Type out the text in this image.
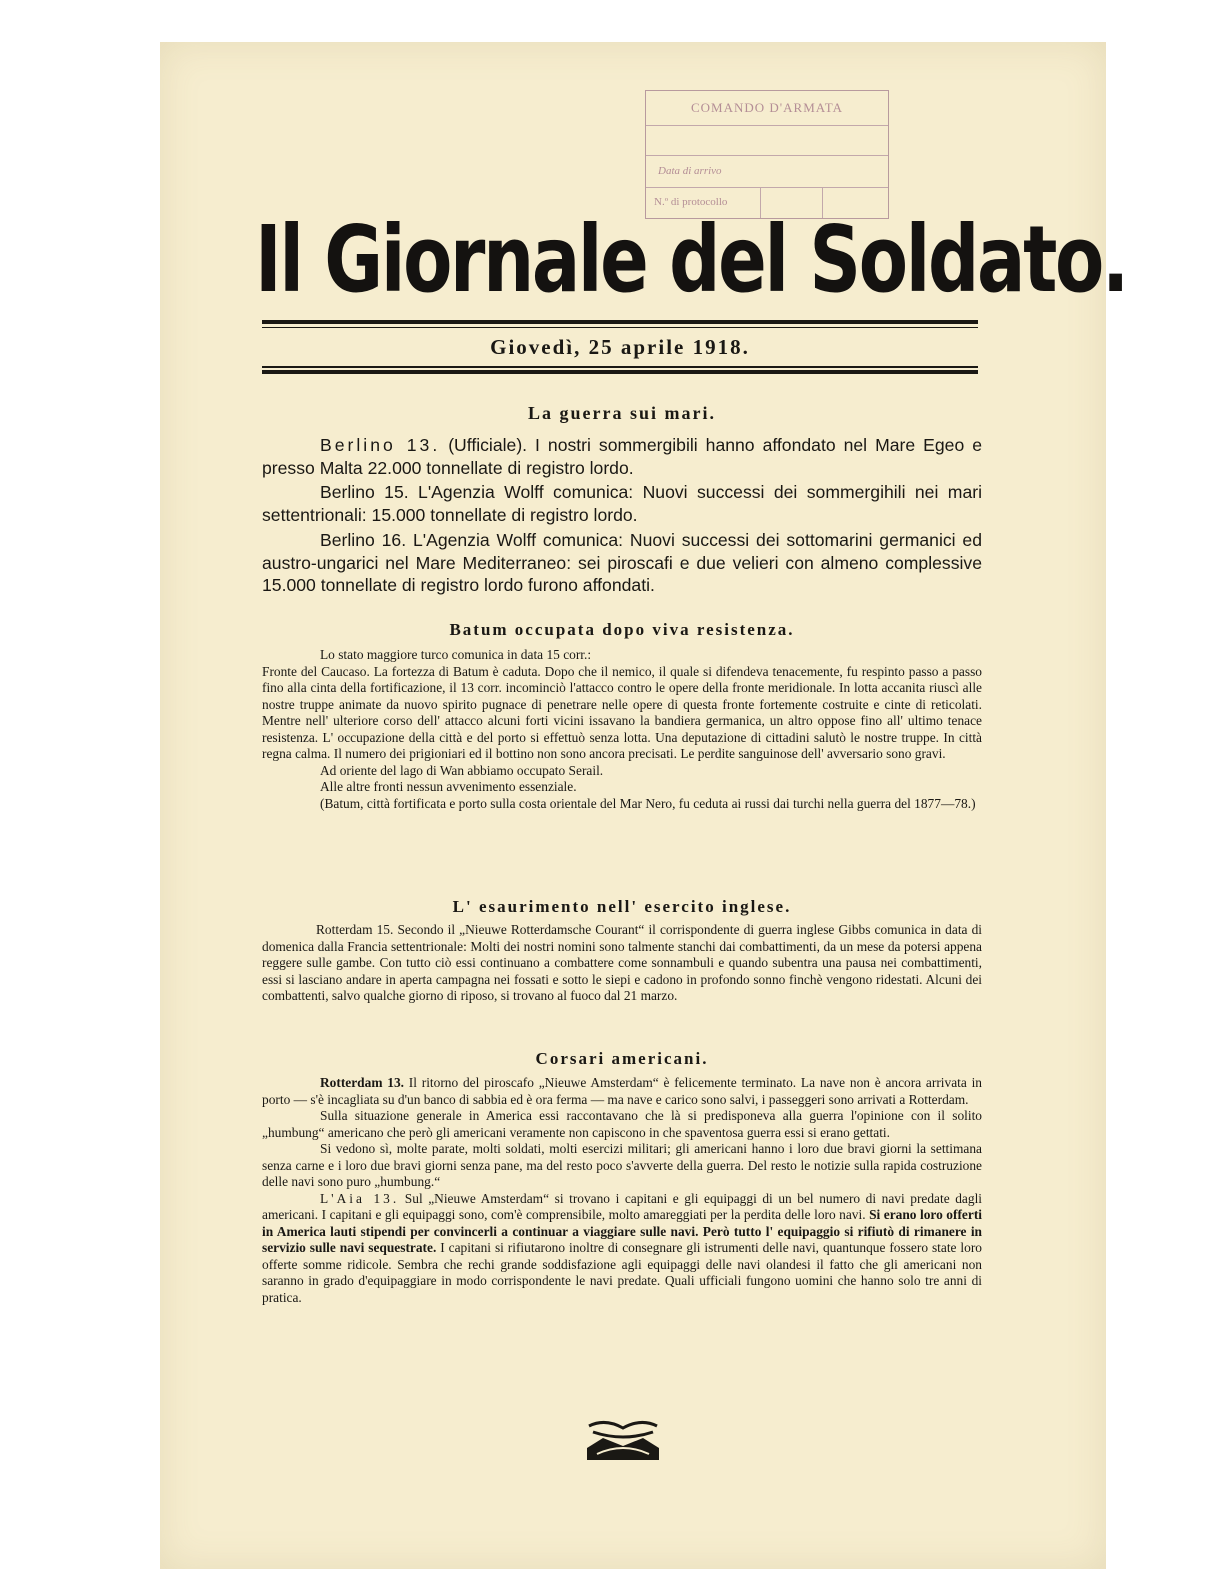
COMANDO D'ARMATA
Data di arrivo
N.º di protocollo
Il Giornale del Soldato.
Giovedì, 25 aprile 1918.
La guerra sui mari.

Berlino 13. (Ufficiale). I nostri sommergibili hanno affondato nel Mare Egeo e presso Malta 22.000 tonnellate di registro lordo.

Berlino 15. L'Agenzia Wolff comunica: Nuovi successi dei sommergihili nei mari settentrionali: 15.000 tonnellate di registro lordo.

Berlino 16. L'Agenzia Wolff comunica: Nuovi successi dei sottomarini germanici ed austro-ungarici nel Mare Mediterraneo: sei piroscafi e due velieri con almeno complessive 15.000 tonnellate di registro lordo furono affondati.

Batum occupata dopo viva resistenza.

Lo stato maggiore turco comunica in data 15 corr.:

Fronte del Caucaso. La fortezza di Batum è caduta. Dopo che il nemico, il quale si difendeva tenacemente, fu respinto passo a passo fino alla cinta della fortificazione, il 13 corr. incominciò l'attacco contro le opere della fronte meridionale. In lotta accanita riuscì alle nostre truppe animate da nuovo spirito pugnace di penetrare nelle opere di questa fronte fortemente costruite e cinte di reticolati. Mentre nell' ulteriore corso dell' attacco alcuni forti vicini issavano la bandiera germanica, un altro oppose fino all' ultimo tenace resistenza. L' occupazione della città e del porto si effettuò senza lotta. Una deputazione di cittadini salutò le nostre truppe. In città regna calma. Il numero dei prigioniari ed il bottino non sono ancora precisati. Le perdite sanguinose dell' avversario sono gravi.

Ad oriente del lago di Wan abbiamo occupato Serail.

Alle altre fronti nessun avvenimento essenziale.

(Batum, città fortificata e porto sulla costa orientale del Mar Nero, fu ceduta ai russi dai turchi nella guerra del 1877—78.)

L' esaurimento nell' esercito inglese.

Rotterdam 15. Secondo il „Nieuwe Rotterdamsche Courant“ il corrispondente di guerra inglese Gibbs comunica in data di domenica dalla Francia settentrionale: Molti dei nostri nomini sono talmente stanchi dai combattimenti, da un mese da potersi appena reggere sulle gambe. Con tutto ciò essi continuano a combattere come sonnambuli e quando subentra una pausa nei combattimenti, essi si lasciano andare in aperta campagna nei fossati e sotto le siepi e cadono in profondo sonno finchè vengono ridestati. Alcuni dei combattenti, salvo qualche giorno di riposo, si trovano al fuoco dal 21 marzo.

Corsari americani.

Rotterdam 13. Il ritorno del piroscafo „Nieuwe Amsterdam“ è felicemente terminato. La nave non è ancora arrivata in porto — s'è incagliata su d'un banco di sabbia ed è ora ferma — ma nave e carico sono salvi, i passeggeri sono arrivati a Rotterdam.

Sulla situazione generale in America essi raccontavano che là si predisponeva alla guerra l'opinione con il solito „humbung“ americano che però gli americani veramente non capiscono in che spaventosa guerra essi si erano gettati.

Si vedono sì, molte parate, molti soldati, molti esercizi militari; gli americani hanno i loro due bravi giorni la settimana senza carne e i loro due bravi giorni senza pane, ma del resto poco s'avverte della guerra. Del resto le notizie sulla rapida costruzione delle navi sono puro „humbung.“

L'Aia 13. Sul „Nieuwe Amsterdam“ si trovano i capitani e gli equipaggi di un bel numero di navi predate dagli americani. I capitani e gli equipaggi sono, com'è comprensibile, molto amareggiati per la perdita delle loro navi. Si erano loro offerti in America lauti stipendi per convincerli a continuar a viaggiare sulle navi. Però tutto l' equipaggio si rifiutò di rimanere in servizio sulle navi sequestrate. I capitani si rifiutarono inoltre di consegnare gli istrumenti delle navi, quantunque fossero state loro offerte somme ridicole. Sembra che rechi grande soddisfazione agli equipaggi delle navi olandesi il fatto che gli americani non saranno in grado d'equipaggiare in modo corrispondente le navi predate. Quali ufficiali fungono uomini che hanno solo tre anni di pratica.
